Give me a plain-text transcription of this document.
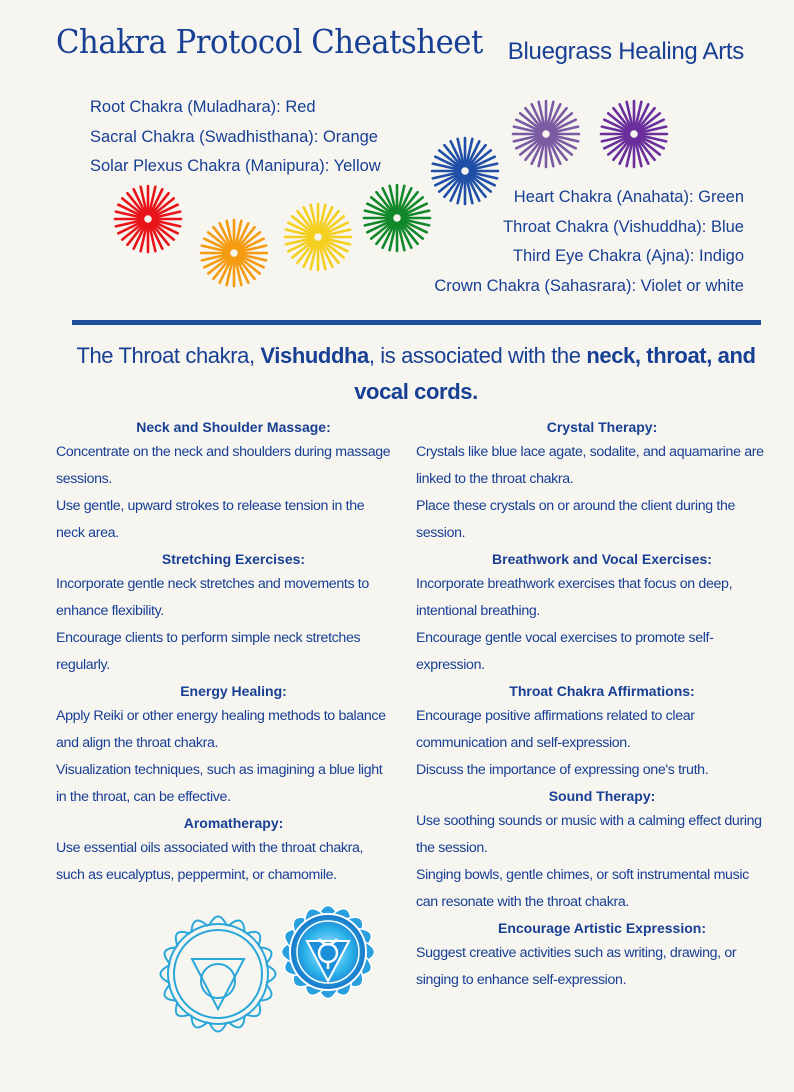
Chakra Protocol Cheatsheet Bluegrass Healing Arts
Root Chakra (Muladhara): Red
Sacral Chakra (Swadhisthana): Orange
Solar Plexus Chakra (Manipura): Yellow
Heart Chakra (Anahata): Green
Throat Chakra (Vishuddha): Blue
Third Eye Chakra (Ajna): Indigo
Crown Chakra (Sahasrara): Violet or white
The Throat chakra, Vishuddha, is associated with the neck, throat, and vocal cords.
Neck and Shoulder Massage:
Concentrate on the neck and shoulders during massage
sessions.
Use gentle, upward strokes to release tension in the
neck area.
Stretching Exercises:
Incorporate gentle neck stretches and movements to
enhance flexibility.
Encourage clients to perform simple neck stretches
regularly.
Energy Healing:
Apply Reiki or other energy healing methods to balance
and align the throat chakra.
Visualization techniques, such as imagining a blue light
in the throat, can be effective.
Aromatherapy:
Use essential oils associated with the throat chakra,
such as eucalyptus, peppermint, or chamomile.
Crystal Therapy:
Crystals like blue lace agate, sodalite, and aquamarine are
linked to the throat chakra.
Place these crystals on or around the client during the
session.
Breathwork and Vocal Exercises:
Incorporate breathwork exercises that focus on deep,
intentional breathing.
Encourage gentle vocal exercises to promote self-
expression.
Throat Chakra Affirmations:
Encourage positive affirmations related to clear
communication and self-expression.
Discuss the importance of expressing one's truth.
Sound Therapy:
Use soothing sounds or music with a calming effect during
the session.
Singing bowls, gentle chimes, or soft instrumental music
can resonate with the throat chakra.
Encourage Artistic Expression:
Suggest creative activities such as writing, drawing, or
singing to enhance self-expression.
